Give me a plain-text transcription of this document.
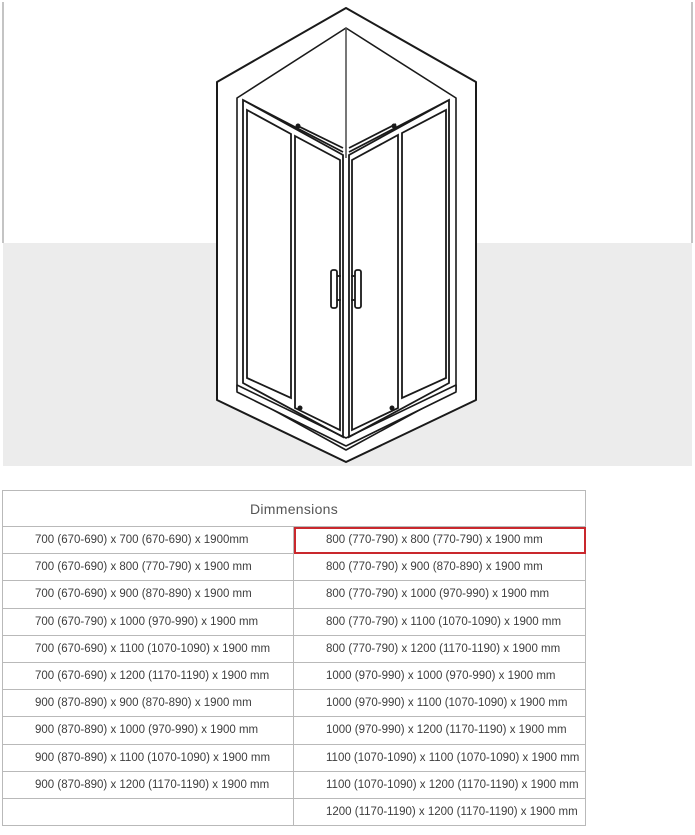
Dimmensions	
700 (670-690) x 700 (670-690) x 1900mm	800 (770-790) x 800 (770-790) x 1900 mm
700 (670-690) x 800 (770-790) x 1900 mm	800 (770-790) x 900 (870-890) x 1900 mm
700 (670-690) x 900 (870-890) x 1900 mm	800 (770-790) x 1000 (970-990) x 1900 mm
700 (670-790) x 1000 (970-990) x 1900 mm	800 (770-790) x 1100 (1070-1090) x 1900 mm
700 (670-690) x 1100 (1070-1090) x 1900 mm	800 (770-790) x 1200 (1170-1190) x 1900 mm
700 (670-690) x 1200 (1170-1190) x 1900 mm	1000 (970-990) x 1000 (970-990) x 1900 mm
900 (870-890) x 900 (870-890) x 1900 mm	1000 (970-990) x 1100 (1070-1090) x 1900 mm
900 (870-890) x 1000 (970-990) x 1900 mm	1000 (970-990) x 1200 (1170-1190) x 1900 mm
900 (870-890) x 1100 (1070-1090) x 1900 mm	1100 (1070-1090) x 1100 (1070-1090) x 1900 mm
900 (870-890) x 1200 (1170-1190) x 1900 mm	1100 (1070-1090) x 1200 (1170-1190) x 1900 mm
	1200 (1170-1190) x 1200 (1170-1190) x 1900 mm
